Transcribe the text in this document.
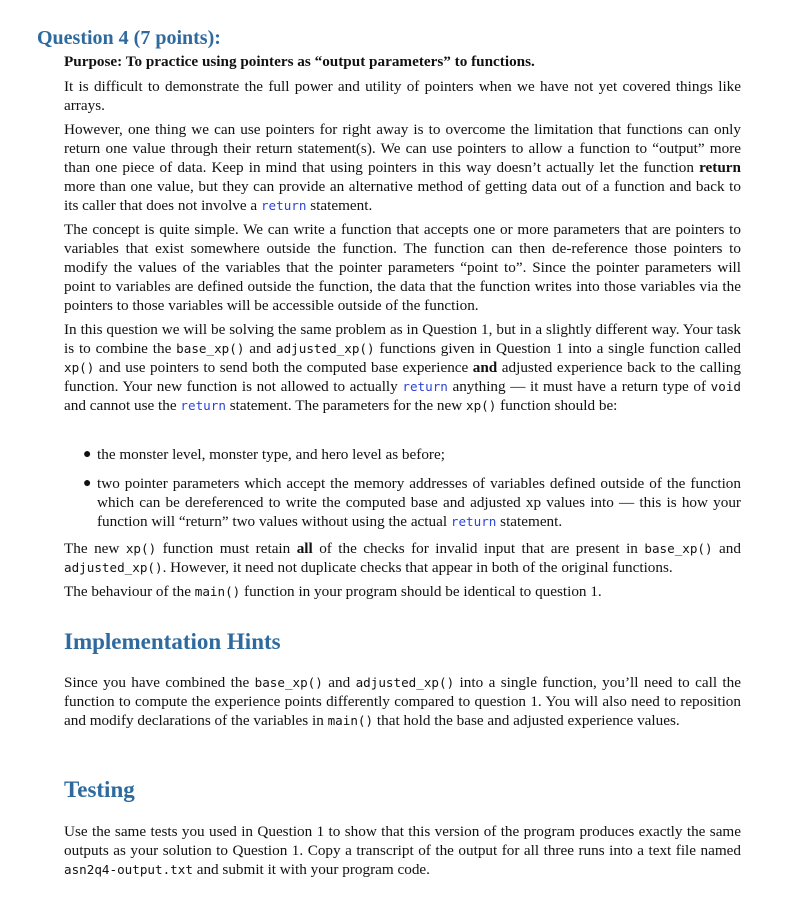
Question 4 (7 points):

Purpose: To practice using pointers as “output parameters” to functions.

It is difficult to demonstrate the full power and utility of pointers when we have not yet covered things like arrays.

However, one thing we can use pointers for right away is to overcome the limitation that functions can only return one value through their return statement(s). We can use pointers to allow a function to “output” more than one piece of data. Keep in mind that using pointers in this way doesn’t actually let the function return more than one value, but they can provide an alternative method of getting data out of a function and back to its caller that does not involve a return statement.

The concept is quite simple. We can write a function that accepts one or more parameters that are pointers to variables that exist somewhere outside the function. The function can then de-reference those pointers to modify the values of the variables that the pointer parameters “point to”. Since the pointer parameters will point to variables are defined outside the function, the data that the function writes into those variables via the pointers to those variables will be accessible outside of the function.

In this question we will be solving the same problem as in Question 1, but in a slightly different way. Your task is to combine the base_xp() and adjusted_xp() functions given in Question 1 into a single function called xp() and use pointers to send both the computed base experience and adjusted experience back to the calling function. Your new function is not allowed to actually return anything — it must have a return type of void and cannot use the return statement. The parameters for the new xp() function should be:

● the monster level, monster type, and hero level as before;
● two pointer parameters which accept the memory addresses of variables defined outside of the function which can be dereferenced to write the computed base and adjusted xp values into — this is how your function will “return” two values without using the actual return statement.

The new xp() function must retain all of the checks for invalid input that are present in base_xp() and adjusted_xp(). However, it need not duplicate checks that appear in both of the original functions.

The behaviour of the main() function in your program should be identical to question 1.

Implementation Hints

Since you have combined the base_xp() and adjusted_xp() into a single function, you’ll need to call the function to compute the experience points differently compared to question 1. You will also need to reposition and modify declarations of the variables in main() that hold the base and adjusted experience values.

Testing

Use the same tests you used in Question 1 to show that this version of the program produces exactly the same outputs as your solution to Question 1. Copy a transcript of the output for all three runs into a text file named asn2q4-output.txt and submit it with your program code.
